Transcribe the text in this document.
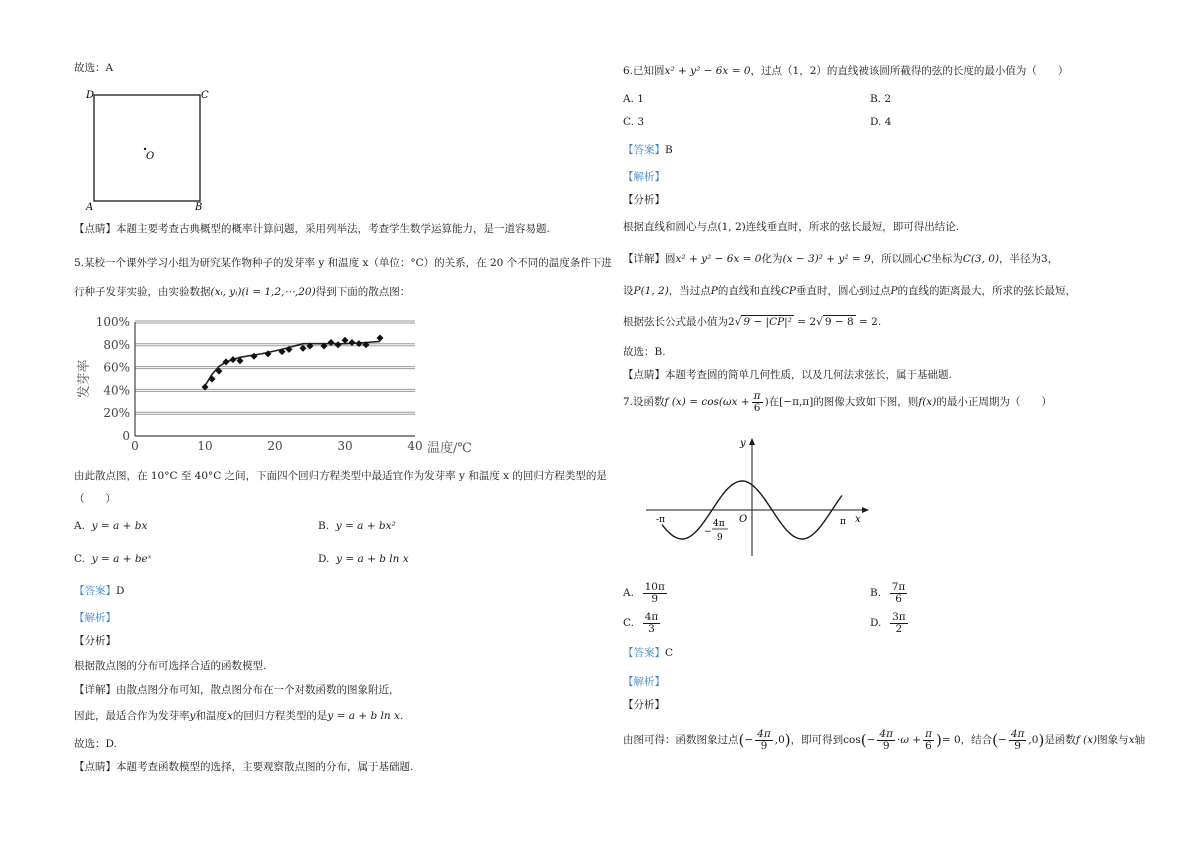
故选：A
D	C
A	B
O
【点睛】本题主要考查古典概型的概率计算问题，采用列举法，考查学生数学运算能力，是一道容易题.
5.某校一个课外学习小组为研究某作物种子的发芽率 y 和温度 x（单位：°C）的关系，在 20 个不同的温度条件下进
行种子发芽实验，由实验数据(xᵢ, yᵢ)(i = 1,2,⋯,20)得到下面的散点图：
0
20%
40%
60%
80%
100%
0	10	20	30	40
发芽率
温度/℃
由此散点图，在 10°C 至 40°C 之间，下面四个回归方程类型中最适宜作为发芽率 y 和温度 x 的回归方程类型的是
（　　）
A. y = a + bx	B. y = a + bx²
C. y = a + beˣ	D. y = a + b ln x
【答案】D
【解析】
【分析】
根据散点图的分布可选择合适的函数模型.
【详解】由散点图分布可知，散点图分布在一个对数函数的图象附近，
因此，最适合作为发芽率y和温度x的回归方程类型的是y = a + b ln x.
故选：D.
【点睛】本题考查函数模型的选择，主要观察散点图的分布，属于基础题.
6.已知圆x² + y² − 6x = 0，过点（1，2）的直线被该圆所截得的弦的长度的最小值为（　　）
A. 1	B. 2
C. 3	D. 4
【答案】B
【解析】
【分析】
根据直线和圆心与点(1, 2)连线垂直时，所求的弦长最短，即可得出结论.
【详解】圆x² + y² − 6x = 0化为(x − 3)² + y² = 9，所以圆心C坐标为C(3, 0)，半径为3，
设P(1, 2)，当过点P的直线和直线CP垂直时，圆心到过点P的直线的距离最大，所求的弦长最短，
根据弦长公式最小值为2√ 9 − |CP|² = 2√ 9 − 8 = 2.
故选：B.
【点睛】本题考查圆的简单几何性质，以及几何法求弦长，属于基础题.
7.设函数f $(x) = \cos(\omega x + \frac{\pi}{6}$ )在[−π,π]的图像大致如下图，则f(x)的最小正周期为（　　）
y
x
O
-π	π
−
4π
9
A. $\frac{10\pi}{9}$	B. $\frac{7\pi}{6}$
C. $\frac{4\pi}{3}$	D. $\frac{3\pi}{2}$
【答案】C
【解析】
【分析】
由图可得：函数图象过点(− $\frac{4\pi}{9} ,0$)，即可得到$\cos(- \frac{4\pi}{9} \cdot\omega + \frac{\pi}{6}$ )= 0，结合(− $\frac{4\pi}{9} ,0$)是函数f (x)图象与x轴
